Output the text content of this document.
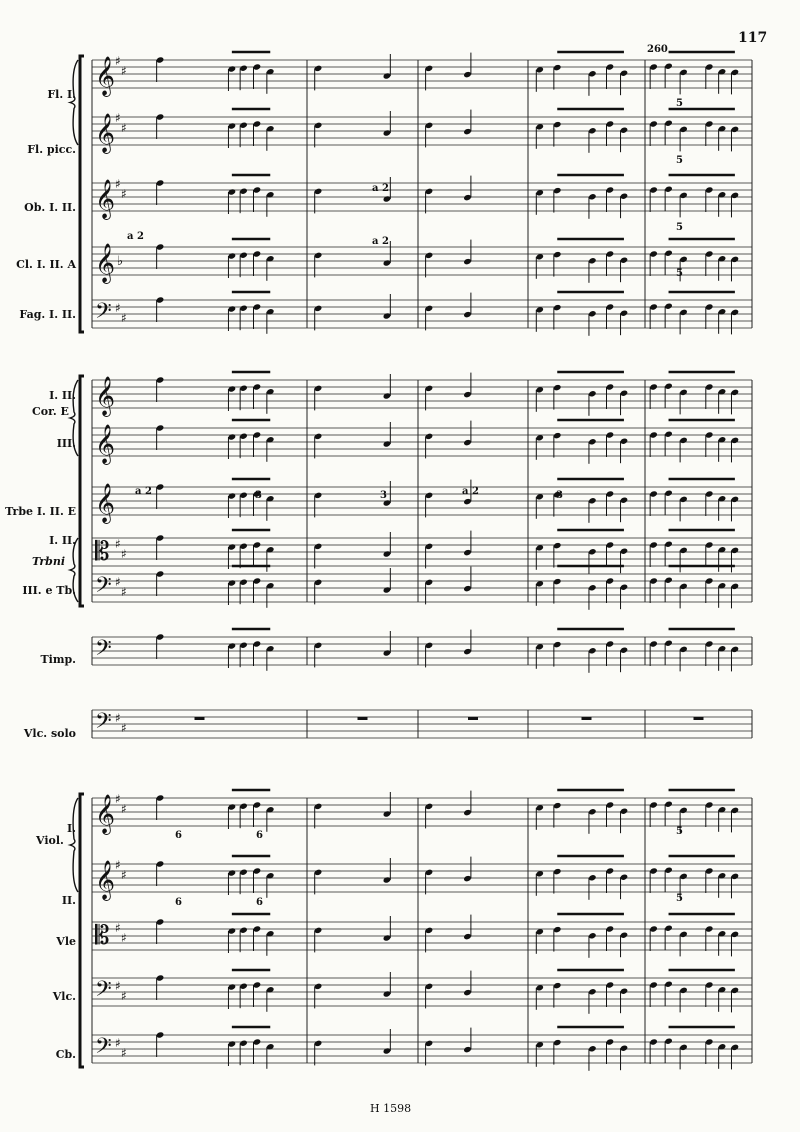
117
260
𝄞 ♯
♯
𝄞 ♯
♯
𝄞 ♯
♯
𝄞 ♭
𝄢 ♯
♯
𝄞
𝄞
𝄞
𝄡 ♯
♯
𝄢 ♯
♯
𝄢
𝄢 ♯
♯
𝄞 ♯
♯
𝄞 ♯
♯
𝄡 ♯
♯
𝄢 ♯
♯
𝄢 ♯
♯
Fl. I.
Fl. picc.
Ob. I. II.
Cl. I. II. A
Fag. I. II.
I. II.
III.
Trbe I. II. E
I. II.
III. e Tb.
Timp.
Vlc. solo
I.
II.
Vle
Vlc.
Cb.
Cor. E
Trbni
Viol.
a 2
a 2
a 2
a 2	a 2
3	3	3
5
5
5
5
5
5
6	6
6	6
H 1598
